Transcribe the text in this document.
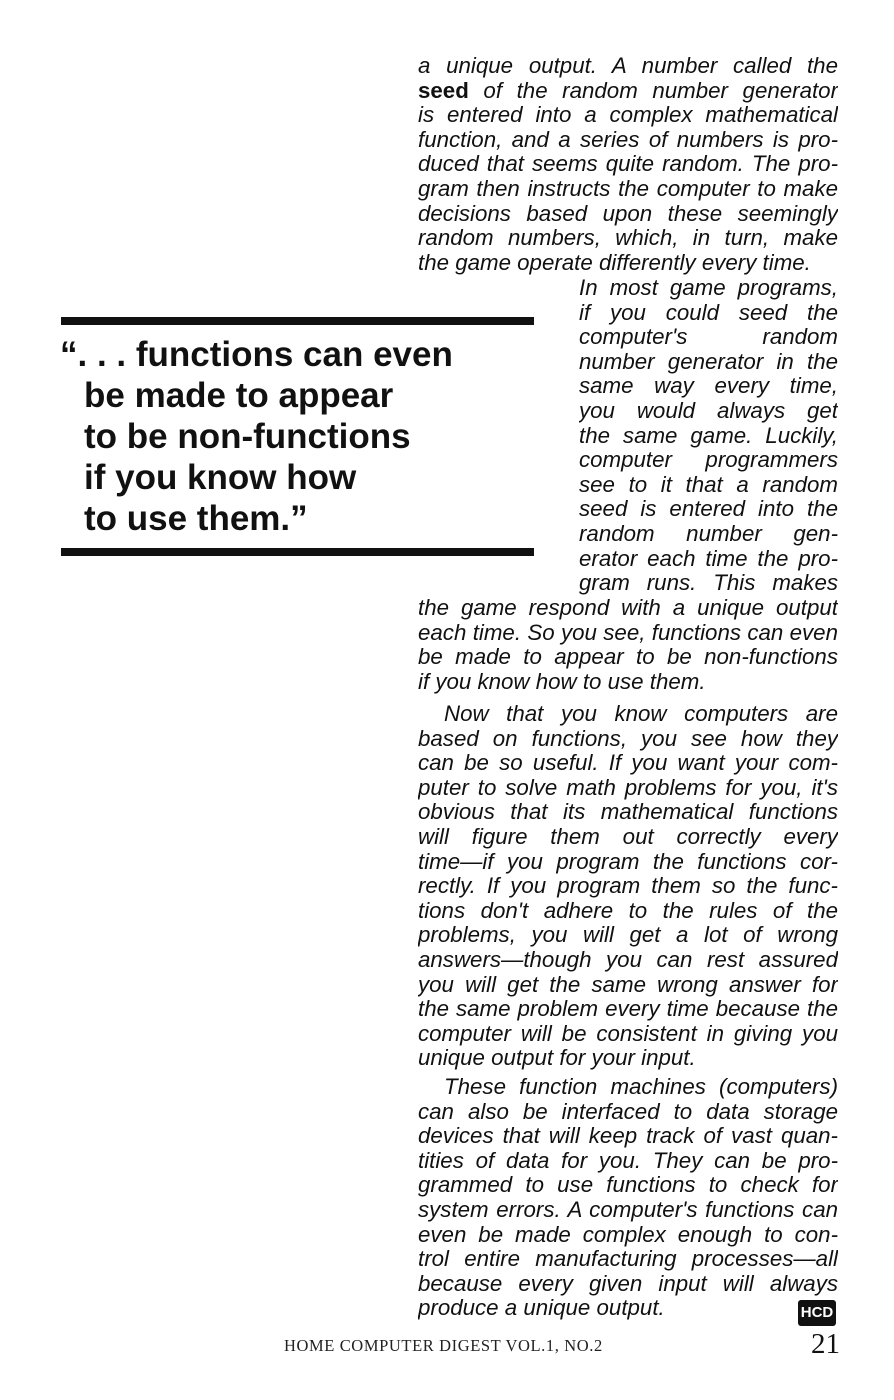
a unique output. A number called the
seed of the random number generator
is entered into a complex mathematical
function, and a series of numbers is pro-
duced that seems quite random. The pro-
gram then instructs the computer to make
decisions based upon these seemingly
random numbers, which, in turn, make
the game operate differently every time.
In most game programs,
if you could seed the
computer's random
number generator in the
same way every time,
you would always get
the same game. Luckily,
computer programmers
see to it that a random
seed is entered into the
random number gen-
erator each time the pro-
gram runs. This makes
the game respond with a unique output
each time. So you see, functions can even
be made to appear to be non-functions
if you know how to use them.
Now that you know computers are
based on functions, you see how they
can be so useful. If you want your com-
puter to solve math problems for you, it's
obvious that its mathematical functions
will figure them out correctly every
time—if you program the functions cor-
rectly. If you program them so the func-
tions don't adhere to the rules of the
problems, you will get a lot of wrong
answers—though you can rest assured
you will get the same wrong answer for
the same problem every time because the
computer will be consistent in giving you
unique output for your input.
These function machines (computers)
can also be interfaced to data storage
devices that will keep track of vast quan-
tities of data for you. They can be pro-
grammed to use functions to check for
system errors. A computer's functions can
even be made complex enough to con-
trol entire manufacturing processes—all
because every given input will always
produce a unique output.
“. . . functions can even
be made to appear
to be non-functions
if you know how
to use them.”
HCD
HOME COMPUTER DIGEST VOL.1, NO.2	21
